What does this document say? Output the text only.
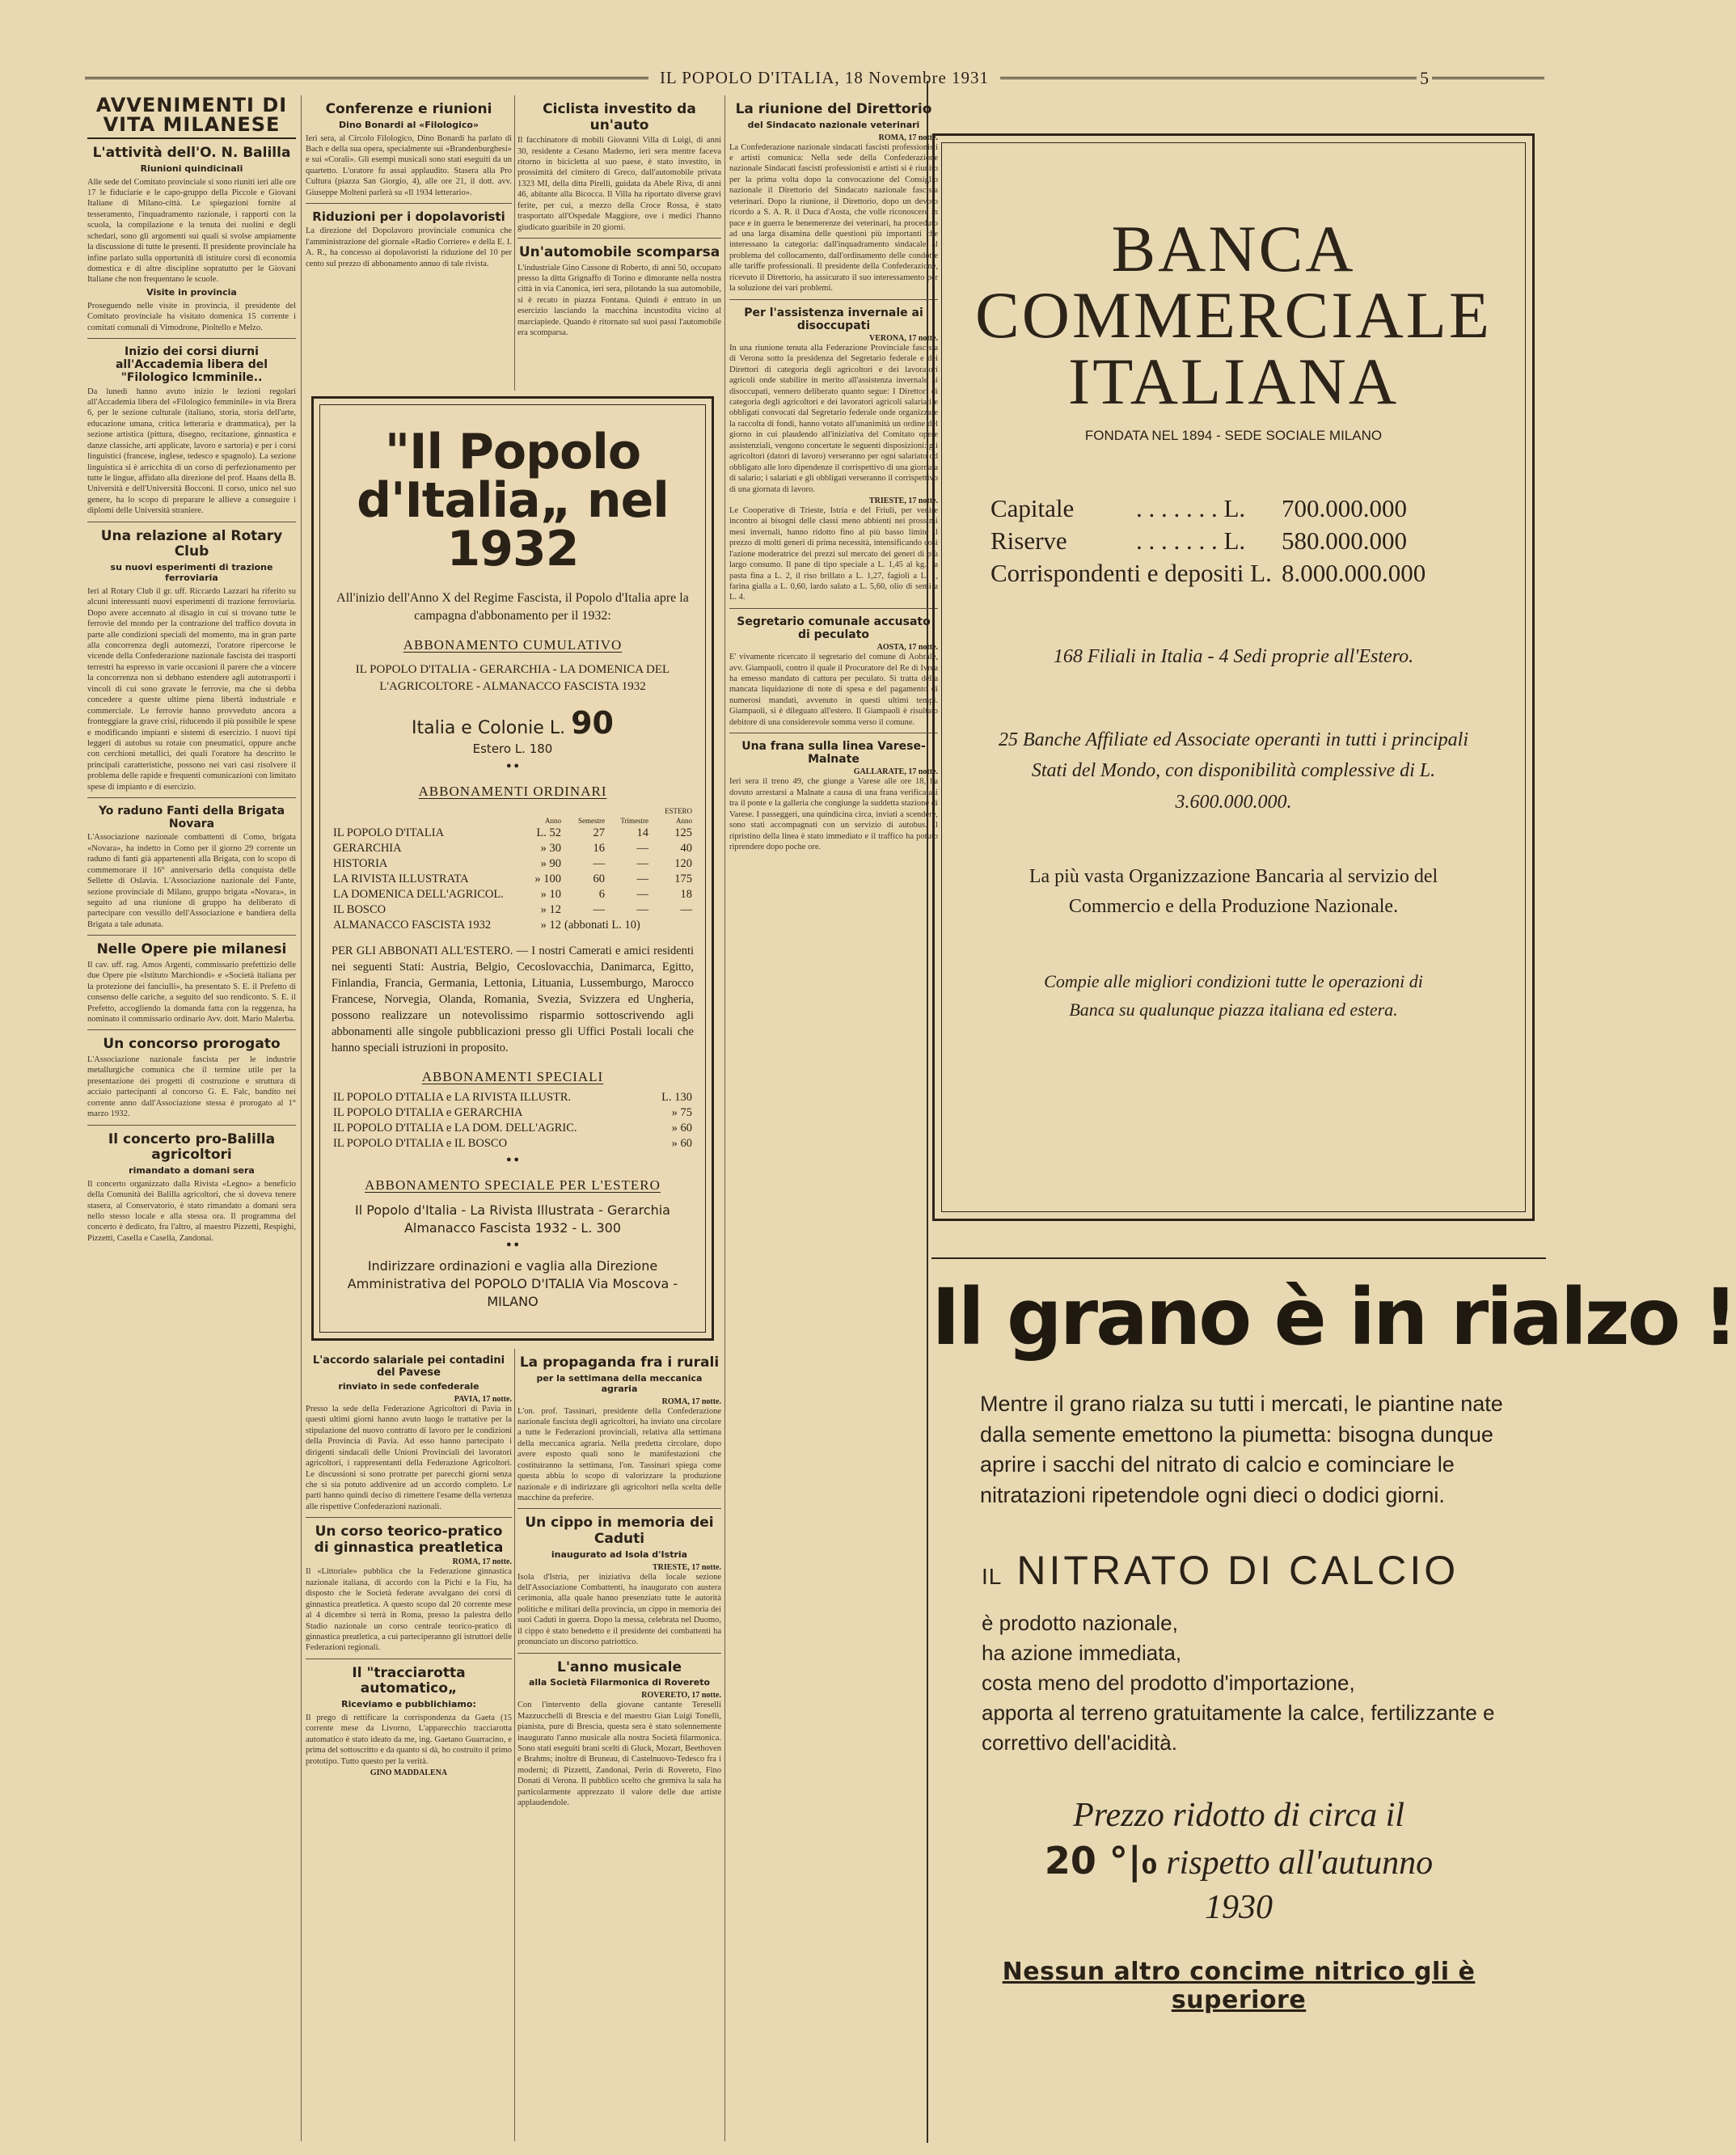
IL POPOLO D'ITALIA, 18 Novembre 1931	5
AVVENIMENTI DI VITA MILANESE
L'attività dell'O. N. Balilla
Riunioni quindicinali
Alle sede del Comitato provinciale si sono riuniti ieri alle ore 17 le fiduciarie e le capo-gruppo della Piccole e Giovani Italiane di Milano-città. Le spiegazioni fornite al tesseramento, l'inquadramento razionale, i rapporti con la scuola, la compilazione e la tenuta dei ruolini e degli schedari, sono gli argomenti sui quali si svolse ampiamente la discussione di tutte le presenti. Il presidente provinciale ha infine parlato sulla opportunità di istituire corsi di economia domestica e di altre discipline sopratutto per le Giovani Italiane che non frequentano le scuole.
Visite in provincia
Proseguendo nelle visite in provincia, il presidente del Comitato provinciale ha visitato domenica 15 corrente i comitati comunali di Vimodrone, Pioltello e Melzo.
Inizio dei corsi diurni all'Accademia libera del "Filologico lcmminile..
Da lunedì hanno avuto inizio le lezioni regolari all'Accademia libera del «Filologico femminile» in via Brera 6, per le sezione culturale (italiano, storia, storia dell'arte, educazione umana, critica letteraria e drammatica), per la sezione artistica (pittura, disegno, recitazione, ginnastica e danze classiche, arti applicate, lavoro e sartoria) e per i corsi linguistici (francese, inglese, tedesco e spagnolo). La sezione linguistica si è arricchita di un corso di perfezionamento per tutte le lingue, affidato alla direzione del prof. Haans della B. Università e dell'Università Bocconi. Il corso, unico nel suo genere, ha lo scopo di preparare le allieve a conseguire i diplomi delle Università straniere.
Una relazione al Rotary Club
su nuovi esperimenti di trazione ferroviaria
Ieri al Rotary Club il gr. uff. Riccardo Lazzari ha riferito su alcuni interessanti nuovi esperimenti di trazione ferroviaria. Dopo avere accennato al disagio in cui si trovano tutte le ferrovie del mondo per la contrazione del traffico dovuta in parte alle condizioni speciali del momento, ma in gran parte alla concorrenza degli automezzi, l'oratore ripercorse le vicende della Confederazione nazionale fascista dei trasporti terrestri ha espresso in varie occasioni il parere che a vincere la concorrenza non si debbano estendere agli autotrasporti i vincoli di cui sono gravate le ferrovie, ma che si debba concedere a queste ultime piena libertà industriale e commerciale. Le ferrovie hanno provveduto ancora a fronteggiare la grave crisi, riducendo il più possibile le spese e modificando impianti e sistemi di esercizio. I nuovi tipi leggeri di autobus su rotaie con pneumatici, oppure anche con cerchioni metallici, dei quali l'oratore ha descritto le principali caratteristiche, possono nei vari casi risolvere il problema delle rapide e frequenti comunicazioni con limitato spese di impianto e di esercizio.
Yo raduno Fanti della Brigata Novara
L'Associazione nazionale combattenti di Como, brigata «Novara», ha indetto in Como per il giorno 29 corrente un raduno di fanti già appartenenti alla Brigata, con lo scopo di commemorare il 16° anniversario della conquista delle Sellette di Oslavia. L'Associazione nazionale del Fante, sezione provinciale di Milano, gruppo brigata «Novara», in seguito ad una riunione di gruppo ha deliberato di partecipare con vessillo dell'Associazione e bandiera della Brigata a tale adunata.
Nelle Opere pie milanesi
Il cav. uff. rag. Amos Argenti, commissario prefettizio delle due Opere pie «Istituto Marchiondi» e «Società italiana per la protezione dei fanciulli», ha presentato S. E. il Prefetto di consenso delle cariche, a seguito del suo rendiconto. S. E. il Prefetto, accogliendo la domanda fatta con la reggenza, ha nominato il commissario ordinario Avv. dott. Mario Malerba.
Un concorso prorogato
L'Associazione nazionale fascista per le industrie metallurgiche comunica che il termine utile per la presentazione dei progetti di costruzione e struttura di acciaio partecipanti al concorso G. E. Falc, bandito nei corrente anno dall'Associazione stessa è prorogato al 1° marzo 1932.
Il concerto pro-Balilla agricoltori
rimandato a domani sera
Il concerto organizzato dalla Rivista «Legno» a beneficio della Comunità dei Balilla agricoltori, che si doveva tenere stasera, al Conservatorio, è stato rimandato a domani sera nello stesso locale e alla stessa ora. Il programma del concerto è dedicato, fra l'altro, al maestro Pizzetti, Respighi, Pizzetti, Casella e Casella, Zandonai.
Conferenze e riunioni
Dino Bonardi al «Filologico»
Ieri sera, al Circolo Filologico, Dino Bonardi ha parlato di Bach e della sua opera, specialmente sui «Brandenburghesi» e sui «Corali». Gli esempi musicali sono stati eseguiti da un quartetto. L'oratore fu assai applaudito. Stasera alla Pro Cultura (piazza San Giorgio, 4), alle ore 21, il dott. avv. Giuseppe Molteni parlerà su «Il 1934 letterario».
Riduzioni per i dopolavoristi
La direzione del Dopolavoro provinciale comunica che l'amministrazione del giornale «Radio Corriere» e della E. I. A. R., ha concesso ai dopolavoristi la riduzione del 10 per cento sul prezzo di abbonamento annuo di tale rivista.
Ciclista investito da un'auto
Il facchinatore di mobili Giovanni Villa di Luigi, di anni 30, residente a Cesano Maderno, ieri sera mentre faceva ritorno in bicicletta al suo paese, è stato investito, in prossimità del cimitero di Greco, dall'automobile privata 1323 MI, della ditta Pirelli, guidata da Abele Riva, di anni 46, abitante alla Bicocca. Il Villa ha riportato diverse gravi ferite, per cui, a mezzo della Croce Rossa, è stato trasportato all'Ospedale Maggiore, ove i medici l'hanno giudicato guaribile in 20 giorni.
Un'automobile scomparsa
L'industriale Gino Cassone di Roberto, di anni 50, occupato presso la ditta Grignaffo di Torino e dimorante nella nostra città in via Canonica, ieri sera, pilotando la sua automobile, si è recato in piazza Fontana. Quindi è entrato in un esercizio lasciando la macchina incustodita vicino al marciapiede. Quando è ritornato sul suoi passi l'automobile era scomparsa.
La riunione del Direttorio
del Sindacato nazionale veterinari
ROMA, 17 notte.
La Confederazione nazionale sindacati fascisti professionisti e artisti comunica: Nella sede della Confederazione nazionale Sindacati fascisti professionisti e artisti si è riunito per la prima volta dopo la convocazione del Consiglio nazionale il Direttorio del Sindacato nazionale fascista veterinari. Dopo la riunione, il Direttorio, dopo un devoto ricordo a S. A. R. il Duca d'Aosta, che volle riconoscere in pace e in guerra le benemerenze dei veterinari, ha proceduto ad una larga disamina delle questioni più importanti che interessano la categoria: dall'inquadramento sindacale al problema del collocamento, dall'ordinamento delle condotte alle tariffe professionali. Il presidente della Confederazione, ricevuto il Direttorio, ha assicurato il suo interessamento per la soluzione dei vari problemi.
Per l'assistenza invernale ai disoccupati
VERONA, 17 notte.
In una riunione tenuta alla Federazione Provinciale fascista di Verona sotto la presidenza del Segretario federale e dei Direttori di categoria degli agricoltori e dei lavoratori agricoli onde stabilire in merito all'assistenza invernale ai disoccupati, vennero deliberato quanto segue: I Direttori di categoria degli agricoltori e dei lavoratori agricoli salariati e obbligati convocati dal Segretario federale onde organizzare la raccolta di fondi, hanno votato all'unanimità un ordine del giorno in cui plaudendo all'iniziativa del Comitato opere assistenziali, vengono concertate le seguenti disposizioni: gli agricoltori (datori di lavoro) verseranno per ogni salariato od obbligato alle loro dipendenze il corrispettivo di una giornata di salario; i salariati e gli obbligati verseranno il corrispettivo di una giornata di lavoro.
TRIESTE, 17 notte.
Le Cooperative di Trieste, Istria e del Friuli, per venire incontro ai bisogni delle classi meno abbienti nei prossimi mesi invernali, hanno ridotto fino al più basso limite il prezzo di molti generi di prima necessità, intensificando così l'azione moderatrice dei prezzi sul mercato dei generi di più largo consumo. Il pane di tipo speciale a L. 1,45 al kg., la pasta fina a L. 2, il riso brillato a L. 1,27, fagioli a L. 1, farina gialla a L. 0,60, lardo salato a L. 5,60, olio di semi a L. 4.
Segretario comunale accusato di peculato
AOSTA, 17 notte.
E' vivamente ricercato il segretario del comune di Aobrale, avv. Giampaoli, contro il quale il Procuratore del Re di Ivrea ha emesso mandato di cattura per peculato. Si tratta della mancata liquidazione di note di spesa e del pagamento di numerosi mandati, avvenuto in questi ultimi tempi. Giampaoli, si è dileguato all'estero. Il Giampaoli è risultato debitore di una considerevole somma verso il comune.
Una frana sulla linea Varese-Malnate
GALLARATE, 17 notte.
Ieri sera il treno 49, che giunge a Varese alle ore 18, ha dovuto arrestarsi a Malnate a causa di una frana verificatasi tra il ponte e la galleria che congiunge la suddetta stazione di Varese. I passeggeri, una quindicina circa, inviati a scendere, sono stati accompagnati con un servizio di autobus. Il ripristino della linea è stato immediato e il traffico ha potuto riprendere dopo poche ore.
"Il Popolo d'Italia„ nel 1932
All'inizio dell'Anno X del Regime Fascista, il Popolo d'Italia apre la campagna d'abbonamento per il 1932:
ABBONAMENTO CUMULATIVO
IL POPOLO D'ITALIA - GERARCHIA - LA DOMENICA DEL L'AGRICOLTORE - ALMANACCO FASCISTA 1932
Italia e Colonie L. 90
Estero L. 180
● ●
ABBONAMENTI ORDINARI
				ESTERO
	Anno	Semestre	Trimestre	Anno
IL POPOLO D'ITALIA	L. 52	27	14	125
GERARCHIA	» 30	16	—	40
HISTORIA	» 90	—	—	120
LA RIVISTA ILLUSTRATA	» 100	60	—	175
LA DOMENICA DELL'AGRICOL.	» 10	6	—	18
IL BOSCO	» 12	—	—	—
ALMANACCO FASCISTA 1932	» 12	(abbonati L. 10)		
PER GLI ABBONATI ALL'ESTERO. — I nostri Camerati e amici residenti nei seguenti Stati: Austria, Belgio, Cecoslovacchia, Danimarca, Egitto, Finlandia, Francia, Germania, Lettonia, Lituania, Lussemburgo, Marocco Francese, Norvegia, Olanda, Romania, Svezia, Svizzera ed Ungheria, possono realizzare un notevolissimo risparmio sottoscrivendo agli abbonamenti alle singole pubblicazioni presso gli Uffici Postali locali che hanno speciali istruzioni in proposito.
ABBONAMENTI SPECIALI
IL POPOLO D'ITALIA e LA RIVISTA ILLUSTR.	L. 130
IL POPOLO D'ITALIA e GERARCHIA	» 75
IL POPOLO D'ITALIA e LA DOM. DELL'AGRIC.	» 60
IL POPOLO D'ITALIA e IL BOSCO	» 60
● ●
ABBONAMENTO SPECIALE PER L'ESTERO
Il Popolo d'Italia - La Rivista Illustrata - Gerarchia Almanacco Fascista 1932 - L. 300
● ●
Indirizzare ordinazioni e vaglia alla Direzione Amministrativa del POPOLO D'ITALIA Via Moscova - MILANO
L'accordo salariale pei contadini del Pavese
rinviato in sede confederale
PAVIA, 17 notte.
Presso la sede della Federazione Agricoltori di Pavia in questi ultimi giorni hanno avuto luogo le trattative per la stipulazione del nuovo contratto di lavoro per le condizioni della Provincia di Pavia. Ad esso hanno partecipato i dirigenti sindacali delle Unioni Provinciali dei lavoratori agricoltori, i rappresentanti della Federazione Agricoltori. Le discussioni si sono protratte per parecchi giorni senza che si sia potuto addivenire ad un accordo completo. Le parti hanno quindi deciso di rimettere l'esame della vertenza alle rispettive Confederazioni nazionali.
Un corso teorico-pratico di ginnastica preatletica
ROMA, 17 notte.
Il «Littoriale» pubblica che la Federazione ginnastica nazionale italiana, di accordo con la Pichi e la Fiu, ha disposto che le Società federate avvalgano dei corsi di ginnastica preatletica. A questo scopo dal 20 corrente mese al 4 dicembre si terrà in Roma, presso la palestra dello Stadio nazionale un corso centrale teorico-pratico di ginnastica preatletica, a cui parteciperanno gli istruttori delle Federazioni regionali.
Il "tracciarotta automatico„
Riceviamo e pubblichiamo:
Il prego di rettificare la corrispondenza da Gaeta (15 corrente mese da Livorno, L'apparecchio tracciarotta automatico è stato ideato da me, ing. Gaetano Guarracino, e prima del sottoscritto e da quanto si dà, ho costruito il primo prototipo. Tutto questo per la verità.
GINO MADDALENA
La propaganda fra i rurali
per la settimana della meccanica agraria
ROMA, 17 notte.
L'on. prof. Tassinari, presidente della Confederazione nazionale fascista degli agricoltori, ha inviato una circolare a tutte le Federazioni provinciali, relativa alla settimana della meccanica agraria. Nella predetta circolare, dopo avere esposto quali sono le manifestazioni che costituiranno la settimana, l'on. Tassinari spiega come questa abbia lo scopo di valorizzare la produzione nazionale e di indirizzare gli agricoltori nella scelta delle macchine da preferire.
Un cippo in memoria dei Caduti
inaugurato ad Isola d'Istria
TRIESTE, 17 notte.
Isola d'Istria, per iniziativa della locale sezione dell'Associazione Combattenti, ha inaugurato con austera cerimonia, alla quale hanno presenziato tutte le autorità politiche e militari della provincia, un cippo in memoria dei suoi Caduti in guerra. Dopo la messa, celebrata nel Duomo, il cippo è stato benedetto e il presidente dei combattenti ha pronunciato un discorso patriottico.
L'anno musicale
alla Società Filarmonica di Rovereto
ROVERETO, 17 notte.
Con l'intervento della giovane cantante Tereselli Mazzucchelli di Brescia e del maestro Gian Luigi Tonelli, pianista, pure di Brescia, questa sera è stato solennemente inaugurato l'anno musicale alla nostra Società filarmonica. Sono stati eseguiti brani scelti di Gluck, Mozart, Beethoven e Brahms; inoltre di Bruneau, di Castelnuovo-Tedesco fra i moderni; di Pizzetti, Zandonai, Perin di Rovereto, Fino Donati di Verona. Il pubblico scelto che gremiva la sala ha particolarmente apprezzato il valore delle due artiste applaudendole.
BANCA
COMMERCIALE
ITALIANA
FONDATA NEL 1894 - SEDE SOCIALE MILANO
Capitale	. . . . . . . L.	700.000.000
Riserve	. . . . . . . L.	580.000.000
Corrispondenti e depositi L.		8.000.000.000
168 Filiali in Italia - 4 Sedi proprie all'Estero.
25 Banche Affiliate ed Associate operanti in tutti i principali Stati del Mondo, con disponibilità complessive di L. 3.600.000.000.
La più vasta Organizzazione Bancaria al servizio del Commercio e della Produzione Nazionale.
Compie alle migliori condizioni tutte le operazioni di Banca su qualunque piazza italiana ed estera.
Il grano è in rialzo !
Mentre il grano rialza su tutti i mercati, le piantine nate dalla semente emettono la piumetta: bisogna dunque aprire i sacchi del nitrato di calcio e cominciare le nitratazioni ripetendole ogni dieci o dodici giorni.
IL NITRATO DI CALCIO
è prodotto nazionale,
ha azione immediata,
costa meno del prodotto d'importazione,
apporta al terreno gratuitamente la calce, fertilizzante e
correttivo dell'acidità.
Prezzo ridotto di circa il
20 °|₀ rispetto all'autunno
1930
Nessun altro concime nitrico gli è superiore
